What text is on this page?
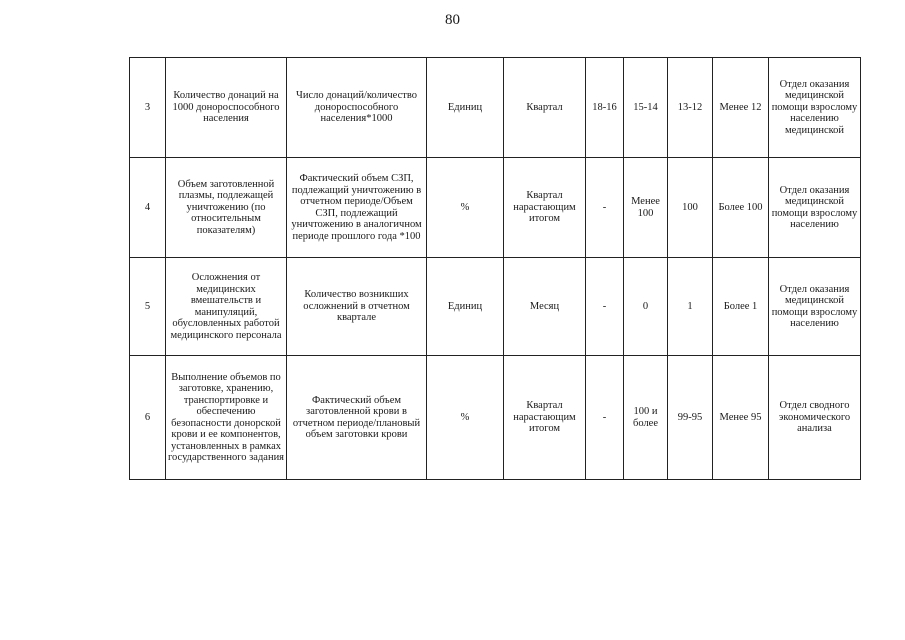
80
3	Количество донаций на 1000 донороспособного населения	Число донаций/количество донороспособного населения*1000	Единиц	Квартал	18-16	15-14	13-12	Менее 12	Отдел оказания медицинской помощи взрослому населению медицинской
4	Объем заготовленной плазмы, подлежащей уничтожению (по относительным показателям)	Фактический объем СЗП, подлежащий уничтожению в отчетном периоде/Объем СЗП, подлежащий уничтожению в аналогичном периоде прошлого года *100	%	Квартал нарастающим итогом	-	Менее 100	100	Более 100	Отдел оказания медицинской помощи взрослому населению
5	Осложнения от медицинских вмешательств и манипуляций, обусловленных работой медицинского персонала	Количество возникших осложнений в отчетном квартале	Единиц	Месяц	-	0	1	Более 1	Отдел оказания медицинской помощи взрослому населению
6	Выполнение объемов по заготовке, хранению, транспортировке и обеспечению безопасности донорской крови и ее компонентов, установленных в рамках государственного задания	Фактический объем заготовленной крови в отчетном периоде/плановый объем заготовки крови	%	Квартал нарастающим итогом	-	100 и более	99-95	Менее 95	Отдел сводного экономического анализа
